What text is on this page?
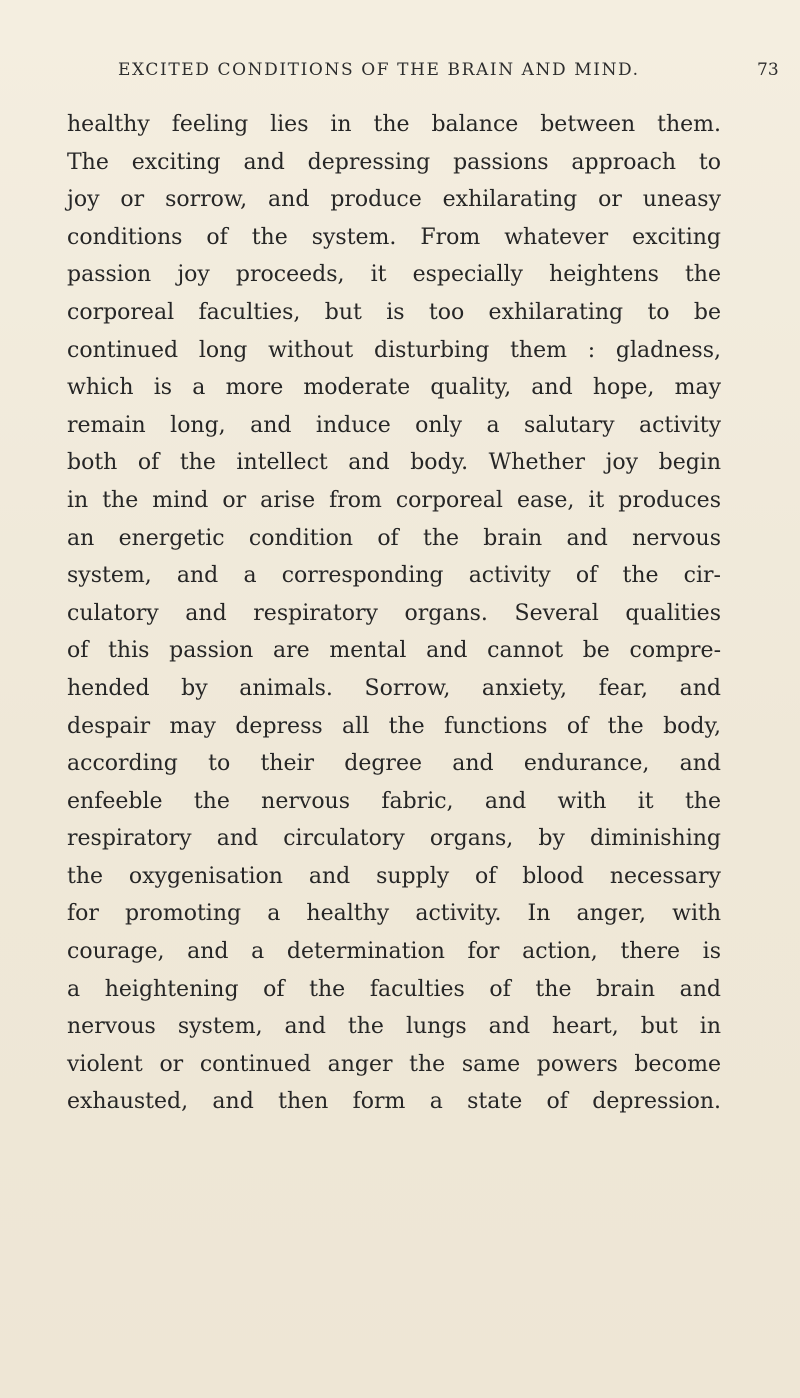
EXCITED CONDITIONS OF THE BRAIN AND MIND.	73
healthy feeling lies in the balance between them.
The exciting and depressing passions approach to
joy or sorrow, and produce exhilarating or uneasy
conditions of the system. From whatever exciting
passion joy proceeds, it especially heightens the
corporeal faculties, but is too exhilarating to be
continued long without disturbing them : gladness,
which is a more moderate quality, and hope, may
remain long, and induce only a salutary activity
both of the intellect and body. Whether joy begin
in the mind or arise from corporeal ease, it produces
an energetic condition of the brain and nervous
system, and a corresponding activity of the cir-
culatory and respiratory organs. Several qualities
of this passion are mental and cannot be compre-
hended by animals. Sorrow, anxiety, fear, and
despair may depress all the functions of the body,
according to their degree and endurance, and
enfeeble the nervous fabric, and with it the
respiratory and circulatory organs, by diminishing
the oxygenisation and supply of blood necessary
for promoting a healthy activity. In anger, with
courage, and a determination for action, there is
a heightening of the faculties of the brain and
nervous system, and the lungs and heart, but in
violent or continued anger the same powers become
exhausted, and then form a state of depression.
